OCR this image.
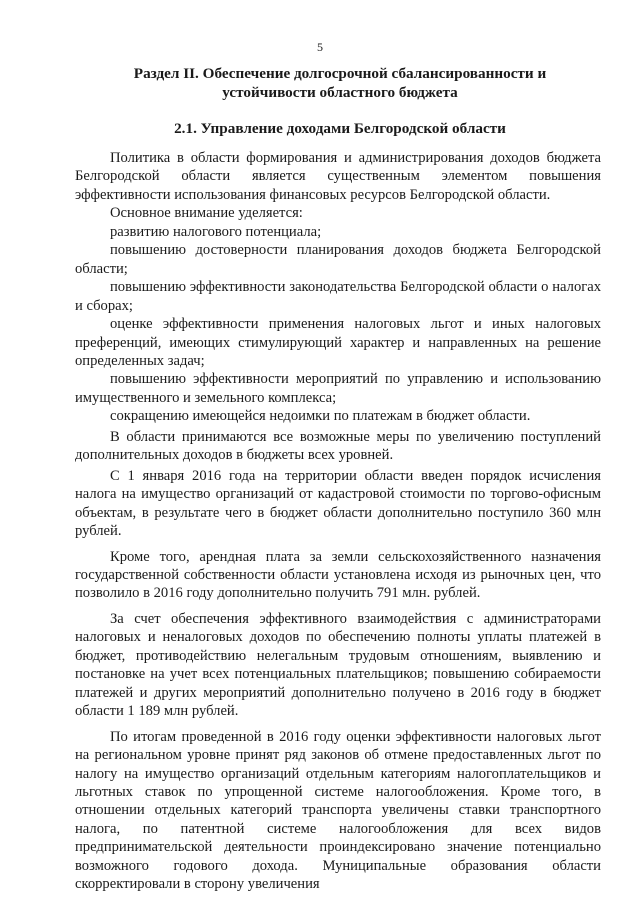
5
Раздел II. Обеспечение долгосрочной сбалансированности и
устойчивости областного бюджета
2.1. Управление доходами Белгородской области

Политика в области формирования и администрирования доходов бюджета Белгородской области является существенным элементом повышения эффективности использования финансовых ресурсов Белгородской области.

Основное внимание уделяется:

развитию налогового потенциала;

повышению достоверности планирования доходов бюджета Белгородской области;

повышению эффективности законодательства Белгородской области о налогах и сборах;

оценке эффективности применения налоговых льгот и иных налоговых преференций, имеющих стимулирующий характер и направленных на решение определенных задач;

повышению эффективности мероприятий по управлению и использованию имущественного и земельного комплекса;

сокращению имеющейся недоимки по платежам в бюджет области.

В области принимаются все возможные меры по увеличению поступлений дополнительных доходов в бюджеты всех уровней.

С 1 января 2016 года на территории области введен порядок исчисления налога на имущество организаций от кадастровой стоимости по торгово-офисным объектам, в результате чего в бюджет области дополнительно поступило 360 млн рублей.

Кроме того, арендная плата за земли сельскохозяйственного назначения государственной собственности области установлена исходя из рыночных цен, что позволило в 2016 году дополнительно получить 791 млн. рублей.

За счет обеспечения эффективного взаимодействия с администраторами налоговых и неналоговых доходов по обеспечению полноты уплаты платежей в бюджет, противодействию нелегальным трудовым отношениям, выявлению и постановке на учет всех потенциальных плательщиков; повышению собираемости платежей и других мероприятий дополнительно получено в 2016 году в бюджет области 1 189 млн рублей.

По итогам проведенной в 2016 году оценки эффективности налоговых льгот на региональном уровне принят ряд законов об отмене предоставленных льгот по налогу на имущество организаций отдельным категориям налогоплательщиков и льготных ставок по упрощенной системе налогообложения. Кроме того, в отношении отдельных категорий транспорта увеличены ставки транспортного налога, по патентной системе налогообложения для всех видов предпринимательской деятельности проиндексировано значение потенциально возможного годового дохода. Муниципальные образования области скорректировали в сторону увеличения
